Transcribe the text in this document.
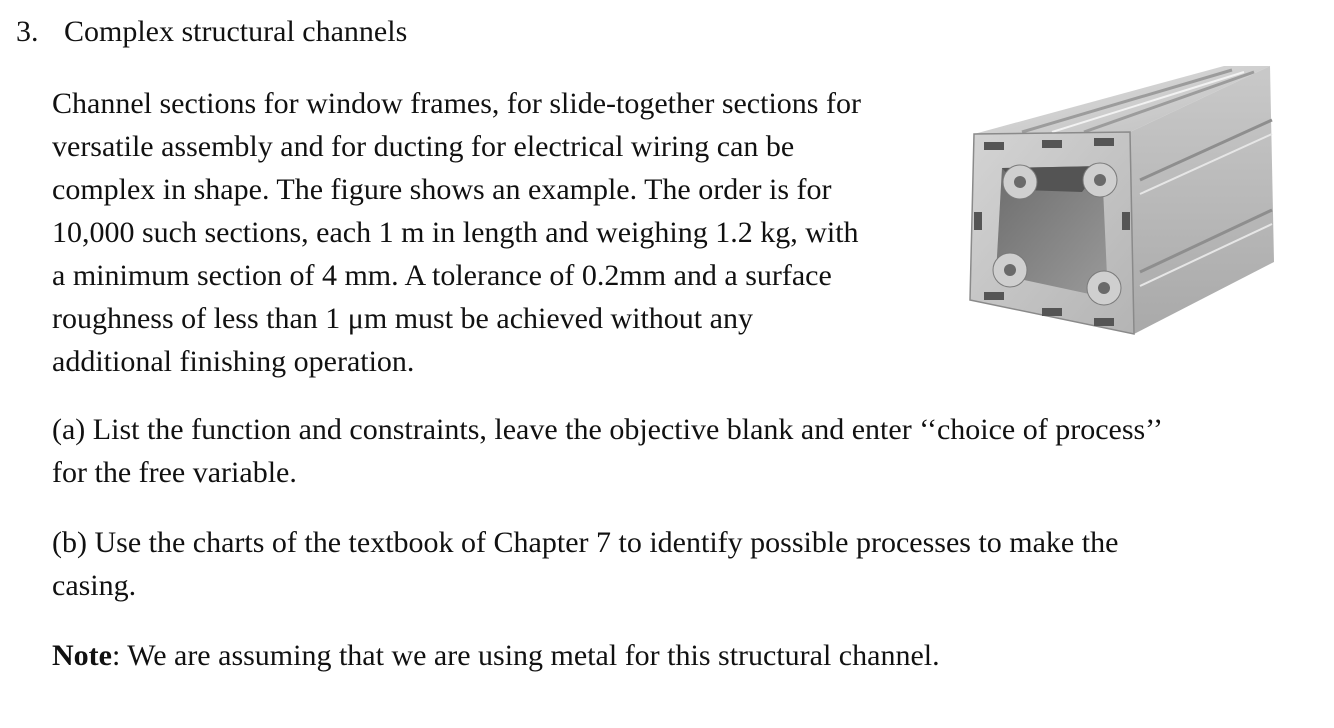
3. Complex structural channels
Channel sections for window frames, for slide-together sections for
versatile assembly and for ducting for electrical wiring can be
complex in shape. The figure shows an example. The order is for
10,000 such sections, each 1 m in length and weighing 1.2 kg, with
a minimum section of 4 mm. A tolerance of 0.2mm and a surface
roughness of less than 1 μm must be achieved without any
additional finishing operation.
(a) List the function and constraints, leave the objective blank and enter ‘‘choice of process’’
for the free variable.
(b) Use the charts of the textbook of Chapter 7 to identify possible processes to make the
casing.
Note: We are assuming that we are using metal for this structural channel.
